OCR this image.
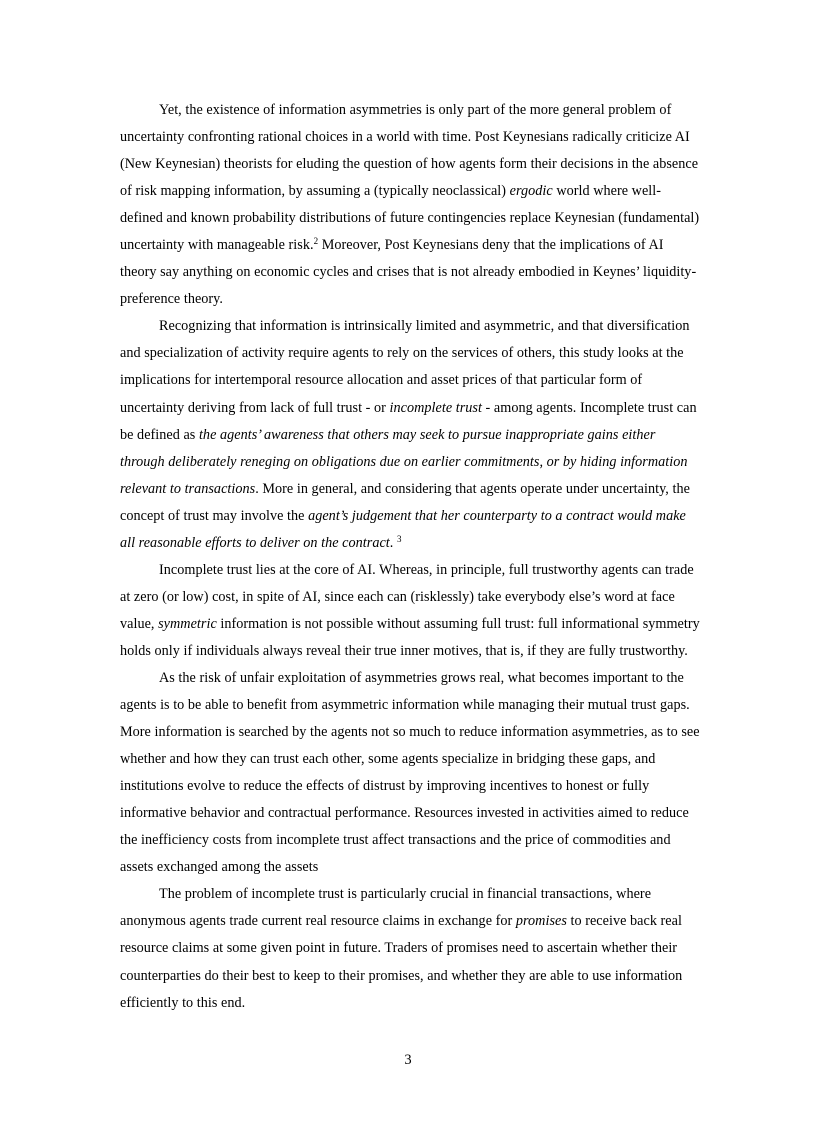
Yet, the existence of information asymmetries is only part of the more general problem of uncertainty confronting rational choices in a world with time. Post Keynesians radically criticize AI (New Keynesian) theorists for eluding the question of how agents form their decisions in the absence of risk mapping information, by assuming a (typically neoclassical) ergodic world where well-defined and known probability distributions of future contingencies replace Keynesian (fundamental) uncertainty with manageable risk.$^2$ Moreover, Post Keynesians deny that the implications of AI theory say anything on economic cycles and crises that is not already embodied in Keynes’ liquidity-preference theory.

Recognizing that information is intrinsically limited and asymmetric, and that diversification and specialization of activity require agents to rely on the services of others, this study looks at the implications for intertemporal resource allocation and asset prices of that particular form of uncertainty deriving from lack of full trust - or incomplete trust - among agents. Incomplete trust can be defined as the agents’ awareness that others may seek to pursue inappropriate gains either through deliberately reneging on obligations due on earlier commitments, or by hiding information relevant to transactions. More in general, and considering that agents operate under uncertainty, the concept of trust may involve the agent’s judgement that her counterparty to a contract would make all reasonable efforts to deliver on the contract. $^3$

Incomplete trust lies at the core of AI. Whereas, in principle, full trustworthy agents can trade at zero (or low) cost, in spite of AI, since each can (risklessly) take everybody else’s word at face value, symmetric information is not possible without assuming full trust: full informational symmetry holds only if individuals always reveal their true inner motives, that is, if they are fully trustworthy.

As the risk of unfair exploitation of asymmetries grows real, what becomes important to the agents is to be able to benefit from asymmetric information while managing their mutual trust gaps. More information is searched by the agents not so much to reduce information asymmetries, as to see whether and how they can trust each other, some agents specialize in bridging these gaps, and institutions evolve to reduce the effects of distrust by improving incentives to honest or fully informative behavior and contractual performance. Resources invested in activities aimed to reduce the inefficiency costs from incomplete trust affect transactions and the price of commodities and assets exchanged among the assets

The problem of incomplete trust is particularly crucial in financial transactions, where anonymous agents trade current real resource claims in exchange for promises to receive back real resource claims at some given point in future. Traders of promises need to ascertain whether their counterparties do their best to keep to their promises, and whether they are able to use information efficiently to this end.

3
